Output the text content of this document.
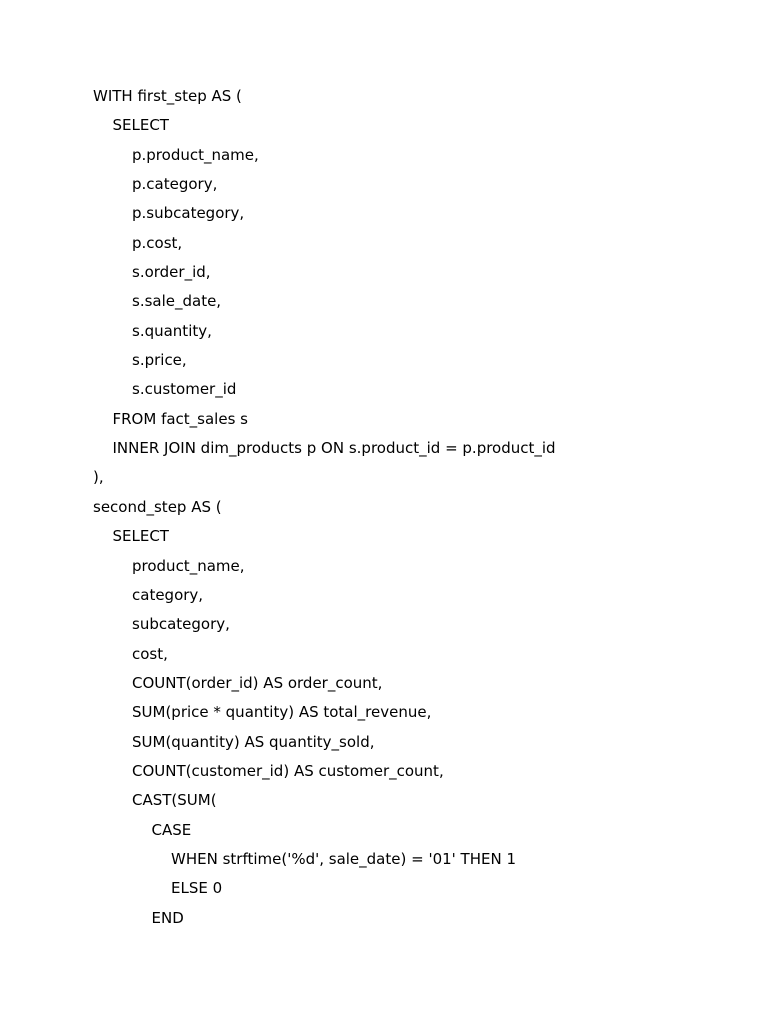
WITH first_step AS (
SELECT
p.product_name,
p.category,
p.subcategory,
p.cost,
s.order_id,
s.sale_date,
s.quantity,
s.price,
s.customer_id
FROM fact_sales s
INNER JOIN dim_products p ON s.product_id = p.product_id
),
second_step AS (
SELECT
product_name,
category,
subcategory,
cost,
COUNT(order_id) AS order_count,
SUM(price * quantity) AS total_revenue,
SUM(quantity) AS quantity_sold,
COUNT(customer_id) AS customer_count,
CAST(SUM(
CASE
WHEN strftime('%d', sale_date) = '01' THEN 1
ELSE 0
END
